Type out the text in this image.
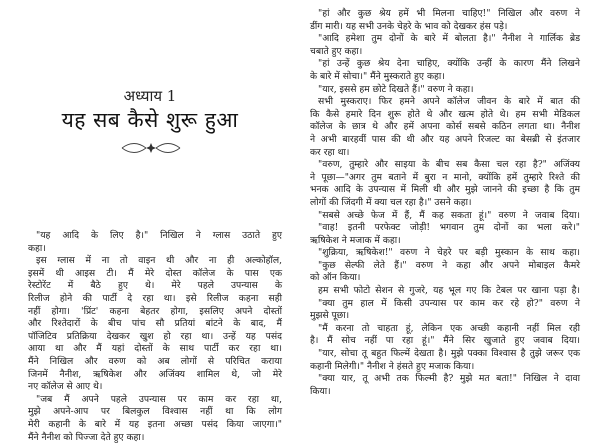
अध्याय 1
यह सब कैसे शुरू हुआ
"यह आदि के लिए है।" निखिल ने ग्लास उठाते हुए
कहा।
इस ग्लास में ना तो वाइन थी और ना ही अल्कोहॉल,
इसमें थी आइस टी। मैं मेरे दोस्त कॉलेज के पास एक
रेस्टोरेंट में बैठे हुए थे। मेरे पहले उपन्यास के
रिलीज होने की पार्टी दे रहा था। इसे रिलीज कहना सही
नहीं होगा। 'प्रिंट' कहना बेहतर होगा, इसलिए अपने दोस्तों
और रिश्तेदारों के बीच पांच सौ प्रतियां बांटने के बाद, मैं
पॉजिटिव प्रतिक्रिया देखकर खुश हो रहा था। उन्हें यह पसंद
आया था और मैं यहां दोस्तों के साथ पार्टी कर रहा था।
मैंने निखिल और वरुण को अब लोगों से परिचित कराया
जिनमें नैनीश, ऋषिकेश और अजिंक्य शामिल थे, जो मेरे
नए कॉलेज से आए थे।
"जब मैं अपने पहले उपन्यास पर काम कर रहा था,
मुझे अपने-आप पर बिलकुल विश्वास नहीं था कि लोग
मेरी कहानी के बारे में यह इतना अच्छा पसंद किया जाएगा।"
मैंने नैनीश को पिज्जा देते हुए कहा।
"हां और कुछ श्रेय हमें भी मिलना चाहिए!" निखिल और वरुण ने
डींग मारी। यह सभी उनके चेहरे के भाव को देखकर हंस पड़े।
"आदि हमेशा तुम दोनों के बारे में बोलता है।" नैनीश ने गार्लिक ब्रेड
चबाते हुए कहा।
"हां उन्हें कुछ श्रेय देना चाहिए, क्योंकि उन्हीं के कारण मैंने लिखने
के बारे में सोचा।" मैंने मुस्कराते हुए कहा।
"यार, इससे हम छोटे दिखते हैं।" वरुण ने कहा।
सभी मुस्कराए। फिर हमने अपने कॉलेज जीवन के बारे में बात की
कि कैसे हमारे दिन शुरू होते थे और खत्म होते थे। हम सभी मेडिकल
कॉलेज के छात्र थे और हमें अपना कोर्स सबसे कठिन लगता था। नैनीश
ने अभी बारहवीं पास की थी और यह अपने रिजल्ट का बेसब्री से इंतजार
कर रहा था।
"वरुण, तुम्हारे और साइया के बीच सब कैसा चल रहा है?" अजिंक्य
ने पूछा—"अगर तुम बताने में बुरा न मानो, क्योंकि हमें तुम्हारे रिश्ते की
भनक आदि के उपन्यास में मिली थी और मुझे जानने की इच्छा है कि तुम
लोगों की जिंदगी में क्या चल रहा है।" उसने कहा।
"सबसे अच्छे फेज में हैं, मैं कह सकता हूं।" वरुण ने जवाब दिया।
"वाह! इतनी परफेक्ट जोड़ी! भगवान तुम दोनों का भला करे।"
ऋषिकेश ने मजाक में कहा।
"शुक्रिया, ऋषिकेश!" वरुण ने चेहरे पर बड़ी मुस्कान के साथ कहा।
"कुछ सेल्फी लेते हैं।" वरुण ने कहा और अपने मोबाइल कैमरे
को ऑन किया।
हम सभी फोटो सेशन से गुजरे, यह भूल गए कि टेबल पर खाना पड़ा है।
"क्या तुम हाल में किसी उपन्यास पर काम कर रहे हो?" वरुण ने
मुझसे पूछा।
"मैं करना तो चाहता हूं, लेकिन एक अच्छी कहानी नहीं मिल रही
है। मैं सोच नहीं पा रहा हूं।" मैंने सिर खुजाते हुए जवाब दिया।
"यार, सोचा तू बहुत फिल्में देखता है। मुझे पक्का विश्वास है तुझे जरूर एक
कहानी मिलेगी।" नैनीश ने हंसते हुए मजाक किया।
"क्या यार, तू अभी तक फिल्मी है? मुझे मत बता!" निखिल ने दावा
किया।
